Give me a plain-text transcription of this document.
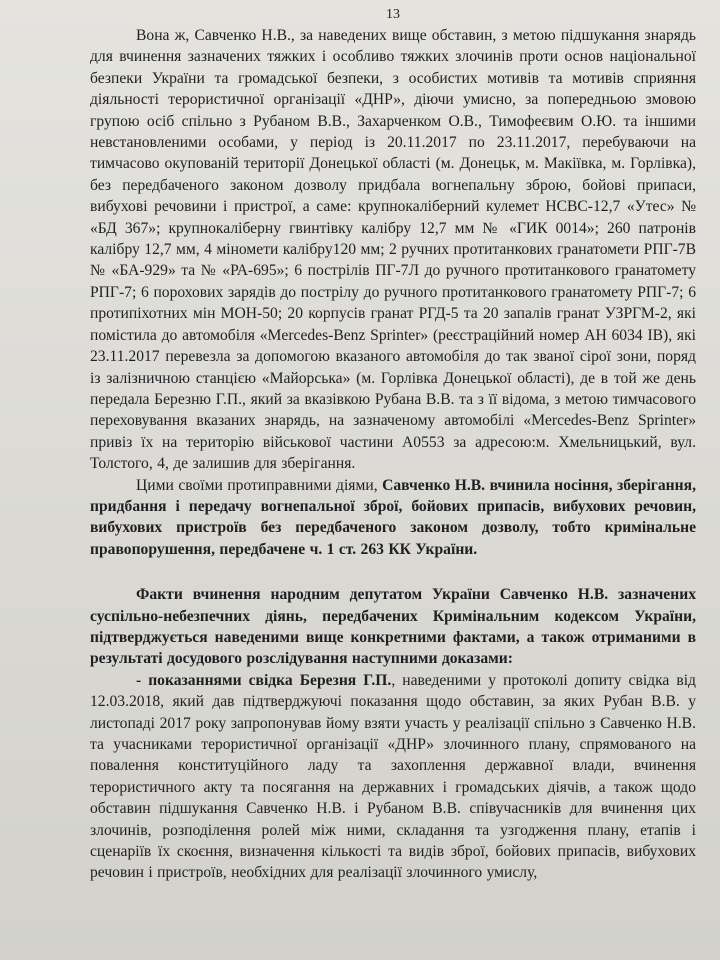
13

Вона ж, Савченко Н.В., за наведених вище обставин, з метою підшукання знарядь для вчинення зазначених тяжких і особливо тяжких злочинів проти основ національної безпеки України та громадської безпеки, з особистих мотивів та мотивів сприяння діяльності терористичної організації «ДНР», діючи умисно, за попередньою змовою групою осіб спільно з Рубаном В.В., Захарченком О.В., Тимофеєвим О.Ю. та іншими невстановленими особами, у період із 20.11.2017 по 23.11.2017, перебуваючи на тимчасово окупованій території Донецької області (м. Донецьк, м. Макіївка, м. Горлівка), без передбаченого законом дозволу придбала вогнепальну зброю, бойові припаси, вибухові речовини і пристрої, а саме: крупнокаліберний кулемет НСВС-12,7 «Утес» № «БД 367»; крупнокаліберну гвинтівку калібру 12,7 мм № «ГИК 0014»; 260 патронів калібру 12,7 мм, 4 міномети калібру120 мм; 2 ручних протитанкових гранатомети РПГ-7В № «БА-929» та № «РА-695»; 6 пострілів ПГ-7Л до ручного протитанкового гранатомету РПГ-7; 6 порохових зарядів до пострілу до ручного протитанкового гранатомету РПГ-7; 6 протипіхотних мін МОН-50; 20 корпусів гранат РГД-5 та 20 запалів гранат УЗРГМ-2, які помістила до автомобіля «Mercedes-Benz Sprinter» (реєстраційний номер АН 6034 ІВ), які 23.11.2017 перевезла за допомогою вказаного автомобіля до так званої сірої зони, поряд із залізничною станцією «Майорська» (м. Горлівка Донецької області), де в той же день передала Березню Г.П., який за вказівкою Рубана В.В. та з її відома, з метою тимчасового переховування вказаних знарядь, на зазначеному автомобілі «Mercedes-Benz Sprinter» привіз їх на територію військової частини А0553 за адресою:м. Хмельницький, вул. Толстого, 4, де залишив для зберігання.

Цими своїми протиправними діями, Савченко Н.В. вчинила носіння, зберігання, придбання і передачу вогнепальної зброї, бойових припасів, вибухових речовин, вибухових пристроїв без передбаченого законом дозволу, тобто кримінальне правопорушення, передбачене ч. 1 ст. 263 КК України.

Факти вчинення народним депутатом України Савченко Н.В. зазначених суспільно-небезпечних діянь, передбачених Кримінальним кодексом України, підтверджується наведеними вище конкретними фактами, а також отриманими в результаті досудового розслідування наступними доказами:

- показаннями свідка Березня Г.П., наведеними у протоколі допиту свідка від 12.03.2018, який дав підтверджуючі показання щодо обставин, за яких Рубан В.В. у листопаді 2017 року запропонував йому взяти участь у реалізації спільно з Савченко Н.В. та учасниками терористичної організації «ДНР» злочинного плану, спрямованого на повалення конституційного ладу та захоплення державної влади, вчинення терористичного акту та посягання на державних і громадських діячів, а також щодо обставин підшукання Савченко Н.В. і Рубаном В.В. співучасників для вчинення цих злочинів, розподілення ролей між ними, складання та узгодження плану, етапів і сценаріїв їх скоєння, визначення кількості та видів зброї, бойових припасів, вибухових речовин і пристроїв, необхідних для реалізації злочинного умислу,
